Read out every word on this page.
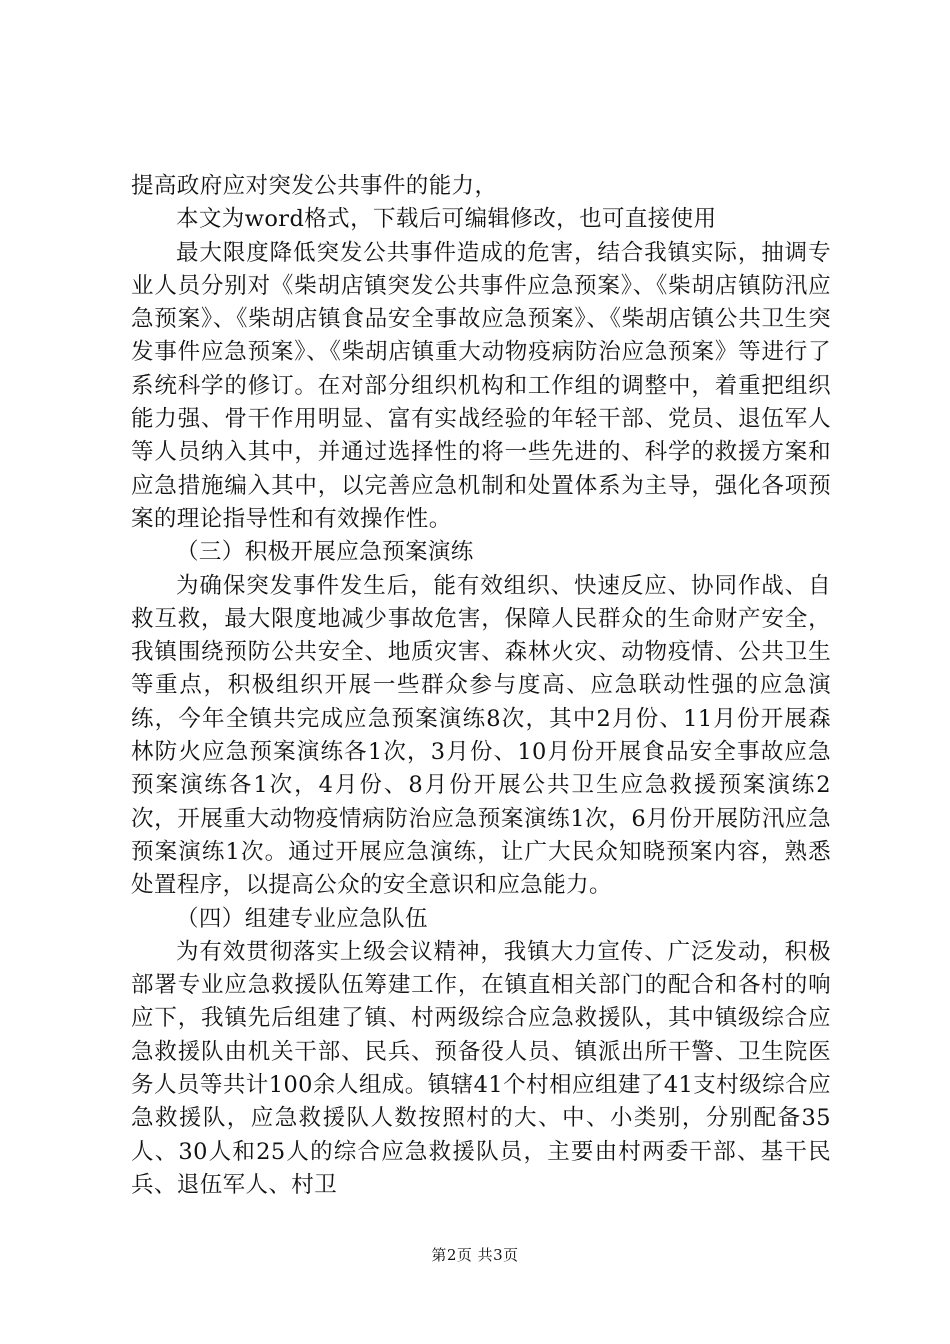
提高政府应对突发公共事件的能力，

本文为word格式，下载后可编辑修改，也可直接使用

最大限度降低突发公共事件造成的危害，结合我镇实际，抽调专业人员分别对《柴胡店镇突发公共事件应急预案》、《柴胡店镇防汛应急预案》、《柴胡店镇食品安全事故应急预案》、《柴胡店镇公共卫生突发事件应急预案》、《柴胡店镇重大动物疫病防治应急预案》等进行了系统科学的修订。在对部分组织机构和工作组的调整中，着重把组织能力强、骨干作用明显、富有实战经验的年轻干部、党员、退伍军人等人员纳入其中，并通过选择性的将一些先进的、科学的救援方案和应急措施编入其中，以完善应急机制和处置体系为主导，强化各项预案的理论指导性和有效操作性。

（三）积极开展应急预案演练

为确保突发事件发生后，能有效组织、快速反应、协同作战、自救互救，最大限度地减少事故危害，保障人民群众的生命财产安全，我镇围绕预防公共安全、地质灾害、森林火灾、动物疫情、公共卫生等重点，积极组织开展一些群众参与度高、应急联动性强的应急演练，今年全镇共完成应急预案演练8次，其中2月份、11月份开展森林防火应急预案演练各1次，3月份、10月份开展食品安全事故应急预案演练各1次，4月份、8月份开展公共卫生应急救援预案演练2次，开展重大动物疫情病防治应急预案演练1次，6月份开展防汛应急预案演练1次。通过开展应急演练，让广大民众知晓预案内容，熟悉处置程序，以提高公众的安全意识和应急能力。

（四）组建专业应急队伍

为有效贯彻落实上级会议精神，我镇大力宣传、广泛发动，积极部署专业应急救援队伍筹建工作，在镇直相关部门的配合和各村的响应下，我镇先后组建了镇、村两级综合应急救援队，其中镇级综合应急救援队由机关干部、民兵、预备役人员、镇派出所干警、卫生院医务人员等共计100余人组成。镇辖41个村相应组建了41支村级综合应急救援队，应急救援队人数按照村的大、中、小类别，分别配备35人、30人和25人的综合应急救援队员，主要由村两委干部、基干民兵、退伍军人、村卫

第2页 共3页
